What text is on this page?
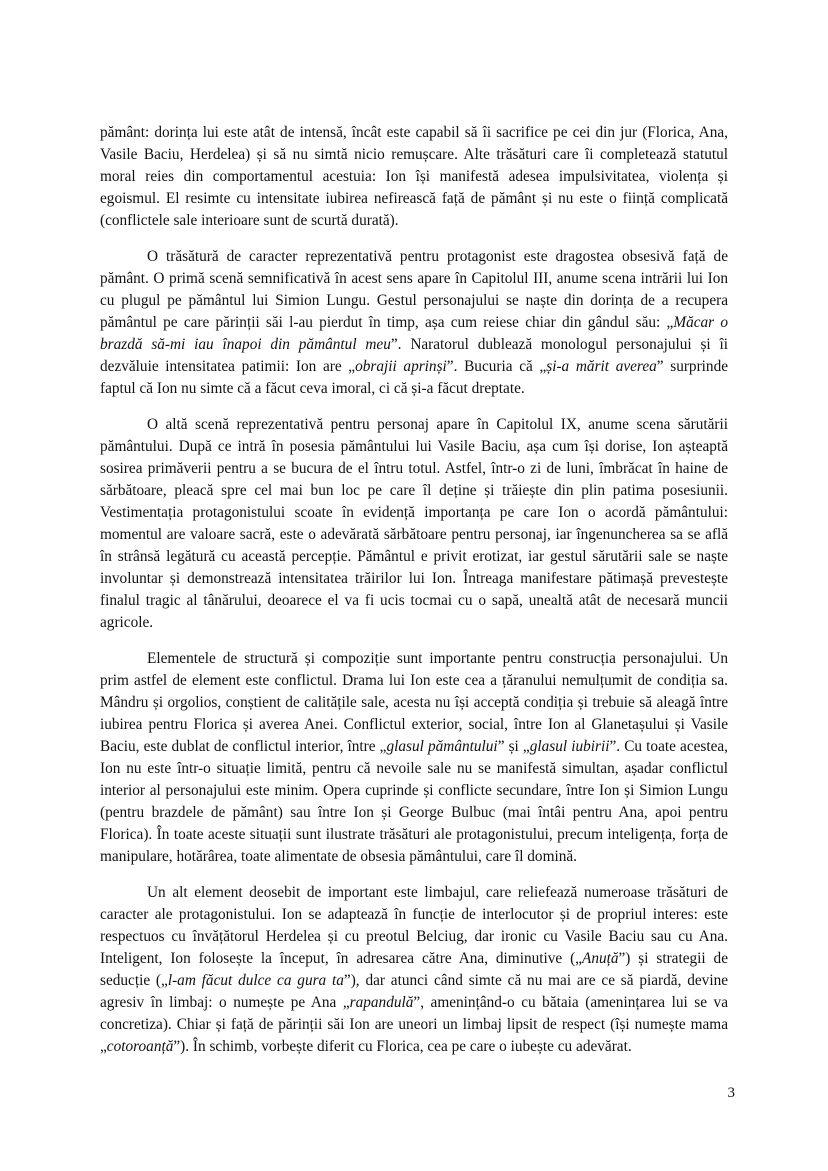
pământ: dorința lui este atât de intensă, încât este capabil să îi sacrifice pe cei din jur (Florica, Ana, Vasile Baciu, Herdelea) și să nu simtă nicio remușcare. Alte trăsături care îi completează statutul moral reies din comportamentul acestuia: Ion își manifestă adesea impulsivitatea, violența și egoismul. El resimte cu intensitate iubirea nefirească față de pământ și nu este o ființă complicată (conflictele sale interioare sunt de scurtă durată).

O trăsătură de caracter reprezentativă pentru protagonist este dragostea obsesivă față de pământ. O primă scenă semnificativă în acest sens apare în Capitolul III, anume scena intrării lui Ion cu plugul pe pământul lui Simion Lungu. Gestul personajului se naște din dorința de a recupera pământul pe care părinții săi l-au pierdut în timp, așa cum reiese chiar din gândul său: „Măcar o brazdă să-mi iau înapoi din pământul meu”. Naratorul dublează monologul personajului și îi dezvăluie intensitatea patimii: Ion are „obrajii aprinși”. Bucuria că „și-a mărit averea” surprinde faptul că Ion nu simte că a făcut ceva imoral, ci că și-a făcut dreptate.

O altă scenă reprezentativă pentru personaj apare în Capitolul IX, anume scena sărutării pământului. După ce intră în posesia pământului lui Vasile Baciu, așa cum își dorise, Ion așteaptă sosirea primăverii pentru a se bucura de el întru totul. Astfel, într-o zi de luni, îmbrăcat în haine de sărbătoare, pleacă spre cel mai bun loc pe care îl deține și trăiește din plin patima posesiunii. Vestimentația protagonistului scoate în evidență importanța pe care Ion o acordă pământului: momentul are valoare sacră, este o adevărată sărbătoare pentru personaj, iar îngenuncherea sa se află în strânsă legătură cu această percepție. Pământul e privit erotizat, iar gestul sărutării sale se naște involuntar și demonstrează intensitatea trăirilor lui Ion. Întreaga manifestare pătimașă prevestește finalul tragic al tânărului, deoarece el va fi ucis tocmai cu o sapă, unealtă atât de necesară muncii agricole.

Elementele de structură și compoziție sunt importante pentru construcția personajului. Un prim astfel de element este conflictul. Drama lui Ion este cea a țăranului nemulțumit de condiția sa. Mândru și orgolios, conștient de calitățile sale, acesta nu își acceptă condiția și trebuie să aleagă între iubirea pentru Florica și averea Anei. Conflictul exterior, social, între Ion al Glanetașului și Vasile Baciu, este dublat de conflictul interior, între „glasul pământului” și „glasul iubirii”. Cu toate acestea, Ion nu este într-o situație limită, pentru că nevoile sale nu se manifestă simultan, așadar conflictul interior al personajului este minim. Opera cuprinde și conflicte secundare, între Ion și Simion Lungu (pentru brazdele de pământ) sau între Ion și George Bulbuc (mai întâi pentru Ana, apoi pentru Florica). În toate aceste situații sunt ilustrate trăsături ale protagonistului, precum inteligența, forța de manipulare, hotărârea, toate alimentate de obsesia pământului, care îl domină.

Un alt element deosebit de important este limbajul, care reliefează numeroase trăsături de caracter ale protagonistului. Ion se adaptează în funcție de interlocutor și de propriul interes: este respectuos cu învățătorul Herdelea și cu preotul Belciug, dar ironic cu Vasile Baciu sau cu Ana. Inteligent, Ion folosește la început, în adresarea către Ana, diminutive („Anuță”) și strategii de seducție („l-am făcut dulce ca gura ta”), dar atunci când simte că nu mai are ce să piardă, devine agresiv în limbaj: o numește pe Ana „rapandulă”, amenințând-o cu bătaia (amenințarea lui se va concretiza). Chiar și față de părinții săi Ion are uneori un limbaj lipsit de respect (își numește mama „cotoroanță”). În schimb, vorbește diferit cu Florica, cea pe care o iubește cu adevărat.

3
